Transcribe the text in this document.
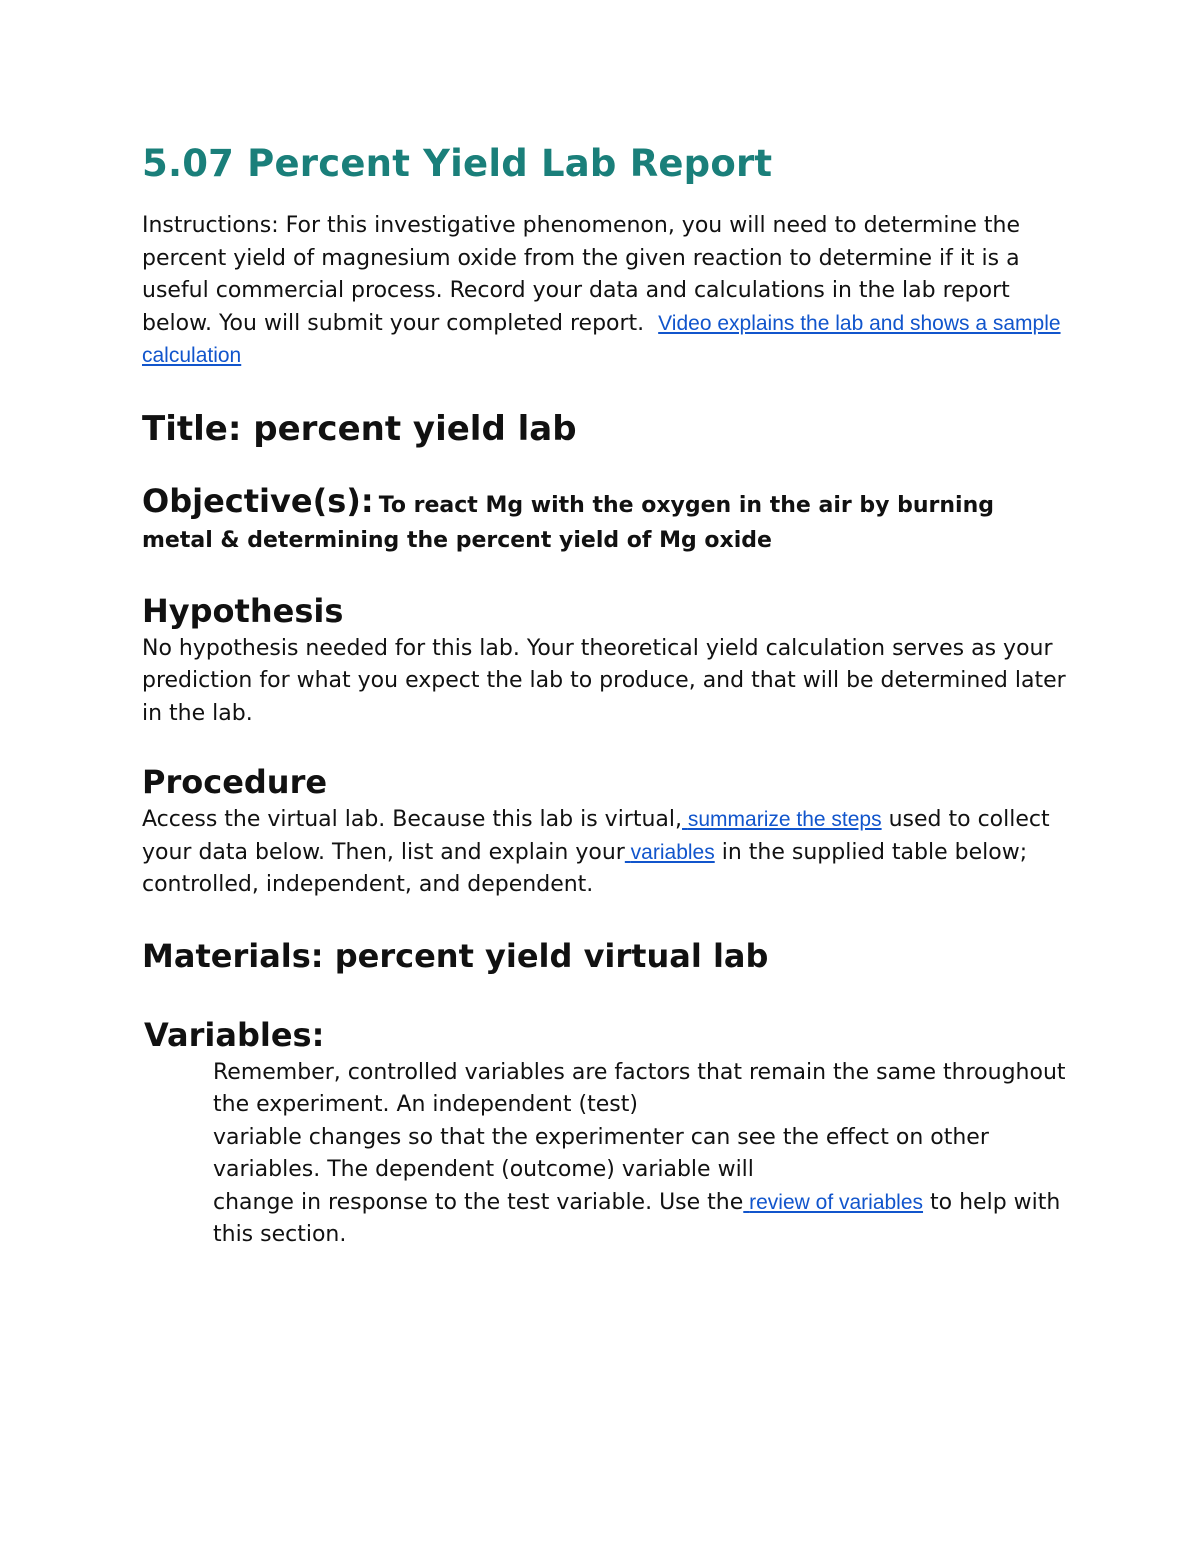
5.07 Percent Yield Lab Report

Instructions: For this investigative phenomenon, you will need to determine the percent yield of magnesium oxide from the given reaction to determine if it is a useful commercial process. Record your data and calculations in the lab report below. You will submit your completed report. Video explains the lab and shows a sample calculation

Title: percent yield lab
Objective(s): To react Mg with the oxygen in the air by burning metal & determining the percent yield of Mg oxide
Hypothesis

No hypothesis needed for this lab. Your theoretical yield calculation serves as your prediction for what you expect the lab to produce, and that will be determined later in the lab.

Procedure

Access the virtual lab. Because this lab is virtual, summarize the steps used to collect your data below. Then, list and explain your variables in the supplied table below; controlled, independent, and dependent.

Materials: percent yield virtual lab
Variables:

Remember, controlled variables are factors that remain the same throughout the experiment. An independent (test)

variable changes so that the experimenter can see the effect on other variables. The dependent (outcome) variable will

change in response to the test variable. Use the review of variables to help with this section.
